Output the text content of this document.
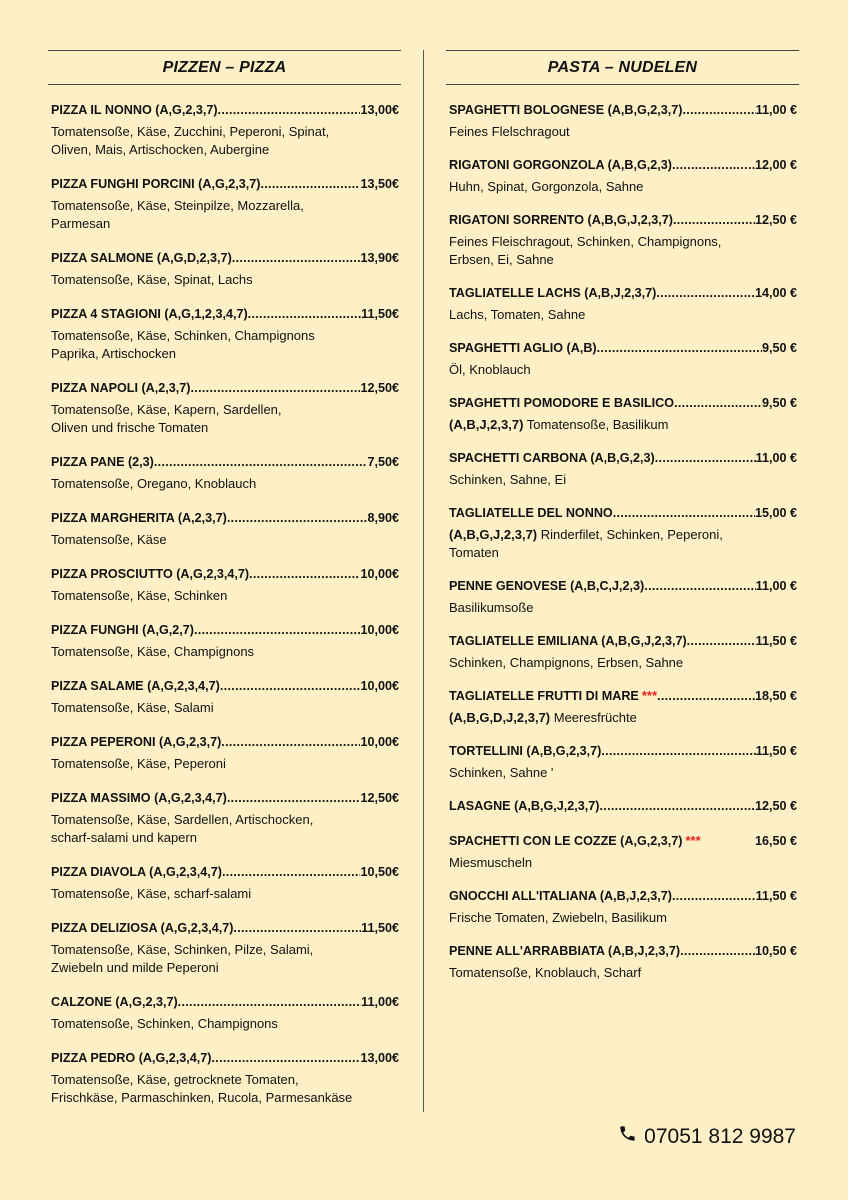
PIZZEN – PIZZA
PIZZA IL NONNO (A,G,2,3,7) .....	13,00€
Tomatensoße, Käse, Zucchini, Peperoni, Spinat,
Oliven, Mais, Artischocken, Aubergine
PIZZA FUNGHI PORCINI (A,G,2,3,7) .....	13,50€
Tomatensoße, Käse, Steinpilze, Mozzarella,
Parmesan
PIZZA SALMONE (A,G,D,2,3,7) .....	13,90€
Tomatensoße, Käse, Spinat, Lachs
PIZZA 4 STAGIONI (A,G,1,2,3,4,7) .....	11,50€
Tomatensoße, Käse, Schinken, Champignons
Paprika, Artischocken
PIZZA NAPOLI (A,2,3,7) .....	12,50€
Tomatensoße, Käse, Kapern, Sardellen,
Oliven und frische Tomaten
PIZZA PANE (2,3) .....	7,50€
Tomatensoße, Oregano, Knoblauch
PIZZA MARGHERITA (A,2,3,7) .....	8,90€
Tomatensoße, Käse
PIZZA PROSCIUTTO (A,G,2,3,4,7) .....	10,00€
Tomatensoße, Käse, Schinken
PIZZA FUNGHI (A,G,2,7) .....	10,00€
Tomatensoße, Käse, Champignons
PIZZA SALAME (A,G,2,3,4,7) .....	10,00€
Tomatensoße, Käse, Salami
PIZZA PEPERONI (A,G,2,3,7) .....	10,00€
Tomatensoße, Käse, Peperoni
PIZZA MASSIMO (A,G,2,3,4,7) .....	12,50€
Tomatensoße, Käse, Sardellen, Artischocken,
scharf-salami und kapern
PIZZA DIAVOLA (A,G,2,3,4,7) .....	10,50€
Tomatensoße, Käse, scharf-salami
PIZZA DELIZIOSA (A,G,2,3,4,7) .....	11,50€
Tomatensoße, Käse, Schinken, Pilze, Salami,
Zwiebeln und milde Peperoni
CALZONE (A,G,2,3,7) .....	11,00€
Tomatensoße, Schinken, Champignons
PIZZA PEDRO (A,G,2,3,4,7) .....	13,00€
Tomatensoße, Käse, getrocknete Tomaten,
Frischkäse, Parmaschinken, Rucola, Parmesankäse
PASTA – NUDELEN
SPAGHETTI BOLOGNESE (A,B,G,2,3,7) .....	11,00 €
Feines Flelschragout
RIGATONI GORGONZOLA (A,B,G,2,3) .....	12,00 €
Huhn, Spinat, Gorgonzola, Sahne
RIGATONI SORRENTO (A,B,G,J,2,3,7) .....	12,50 €
Feines Fleischragout, Schinken, Champignons,
Erbsen, Ei, Sahne
TAGLIATELLE LACHS (A,B,J,2,3,7) .....	14,00 €
Lachs, Tomaten, Sahne
SPAGHETTI AGLIO (A,B) .....	9,50 €
Öl, Knoblauch
SPAGHETTI POMODORE E BASILICO .....	9,50 €
(A,B,J,2,3,7) Tomatensoße, Basilikum
SPACHETTI CARBONA (A,B,G,2,3) .....	11,00 €
Schinken, Sahne, Ei
TAGLIATELLE DEL NONNO .....	15,00 €
(A,B,G,J,2,3,7) Rinderfilet, Schinken, Peperoni,
Tomaten
PENNE GENOVESE (A,B,C,J,2,3) .....	11,00 €
Basilikumsoße
TAGLIATELLE EMILIANA (A,B,G,J,2,3,7) .....	11,50 €
Schinken, Champignons, Erbsen, Sahne
TAGLIATELLE FRUTTI DI MARE *** .....	18,50 €
(A,B,G,D,J,2,3,7) Meeresfrüchte
TORTELLINI (A,B,G,2,3,7) .....	11,50 €
Schinken, Sahne '
LASAGNE (A,B,G,J,2,3,7) .....	12,50 €
SPACHETTI CON LE COZZE (A,G,2,3,7) ***	16,50 €
Miesmuscheln
GNOCCHI ALL'ITALIANA (A,B,J,2,3,7) .....	11,50 €
Frische Tomaten, Zwiebeln, Basilikum
PENNE ALL'ARRABBIATA (A,B,J,2,3,7) .....	10,50 €
Tomatensoße, Knoblauch, Scharf
07051 812 9987
